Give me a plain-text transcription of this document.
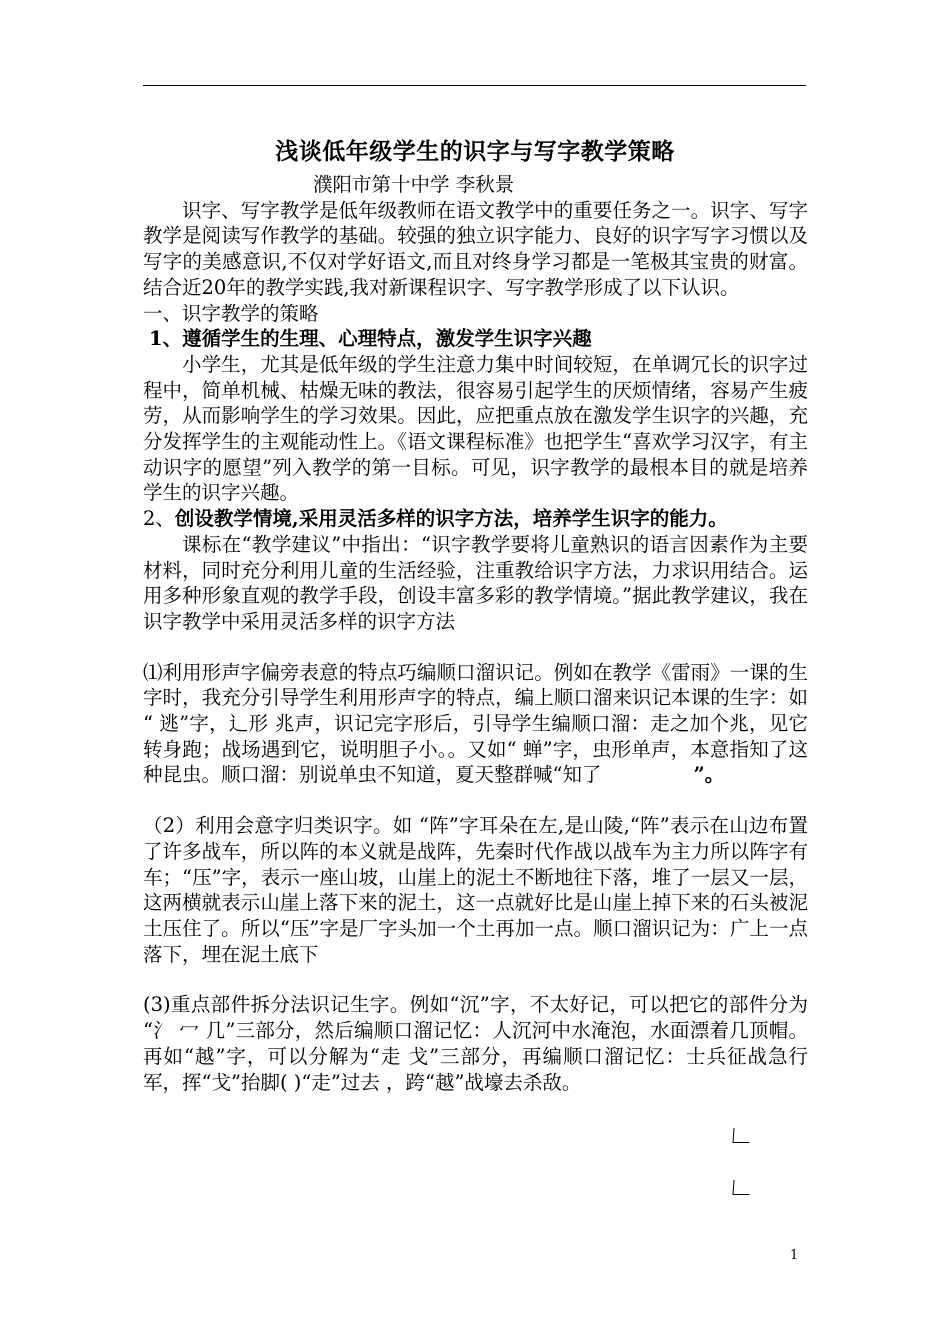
浅谈低年级学生的识字与写字教学策略

濮阳市第十中学 李秋景

识字、写字教学是低年级教师在语文教学中的重要任务之一。识字、写字教学是阅读写作教学的基础。较强的独立识字能力、良好的识字写字习惯以及写字的美感意识,不仅对学好语文,而且对终身学习都是一笔极其宝贵的财富。结合近20年的教学实践,我对新课程识字、写字教学形成了以下认识。

一、识字教学的策略

1、遵循学生的生理、心理特点，激发学生识字兴趣

小学生，尤其是低年级的学生注意力集中时间较短，在单调冗长的识字过程中，简单机械、枯燥无味的教法，很容易引起学生的厌烦情绪，容易产生疲劳，从而影响学生的学习效果。因此，应把重点放在激发学生识字的兴趣，充分发挥学生的主观能动性上。《语文课程标准》也把学生“喜欢学习汉字，有主动识字的愿望”列入教学的第一目标。可见，识字教学的最根本目的就是培养学生的识字兴趣。

2、创设教学情境,采用灵活多样的识字方法，培养学生识字的能力。

课标在“教学建议”中指出：“识字教学要将儿童熟识的语言因素作为主要材料，同时充分利用儿童的生活经验，注重教给识字方法，力求识用结合。运用多种形象直观的教学手段，创设丰富多彩的教学情境。”据此教学建议，我在识字教学中采用灵活多样的识字方法

⑴利用形声字偏旁表意的特点巧编顺口溜识记。例如在教学《雷雨》一课的生字时，我充分引导学生利用形声字的特点，编上顺口溜来识记本课的生字：如 “ 逃”字，辶形 兆声，识记完字形后，引导学生编顺口溜：走之加个兆，见它转身跑；战场遇到它，说明胆子小。。又如“ 蝉”字，虫形单声，本意指知了这种昆虫。顺口溜：别说单虫不知道，夏天整群喊“知了	”。

（2）利用会意字归类识字。如 “阵”字耳朵在左,是山陵,“阵”表示在山边布置了许多战车，所以阵的本义就是战阵，先秦时代作战以战车为主力所以阵字有车；“压”字，表示一座山坡，山崖上的泥土不断地往下落，堆了一层又一层，这两横就表示山崖上落下来的泥土，这一点就好比是山崖上掉下来的石头被泥土压住了。所以“压”字是厂字头加一个土再加一点。顺口溜识记为：广上一点落下，埋在泥土底下

(3)重点部件拆分法识记生字。例如“沉”字，不太好记，可以把它的部件分为 “氵 冖 几”三部分，然后编顺口溜记忆：人沉河中水淹泡，水面漂着几顶帽。再如“越”字，可以分解为“走 戈”三部分，再编顺口溜记忆：士兵征战急行军，挥“戈”抬脚( )“走”过去 ，跨“越”战壕去杀敌。

1
